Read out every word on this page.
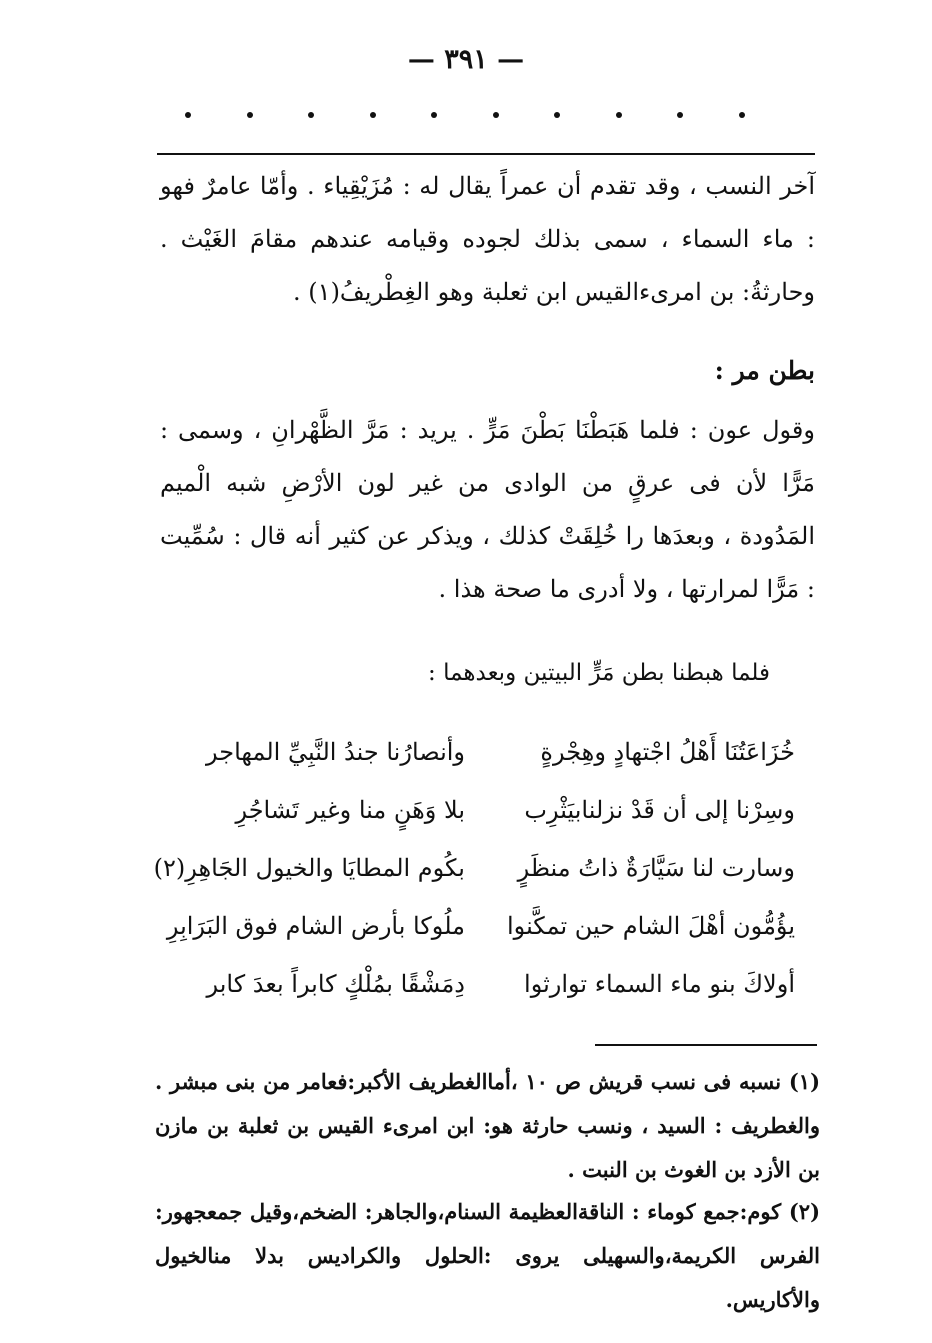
— ٣٩١ —
آخر النسب ، وقد تقدم أن عمراً يقال له : مُزَيْقِياء . وأمّا عامرٌ فهو : ماء السماء ، سمى بذلك لجوده وقيامه عندهم مقامَ الغَيْث . وحارثةُ: بن امرىءالقيس ابن ثعلبة وهو الغِطْريفُ(١) .
بطن مر :
وقول عون : فلما هَبَطْنَا بَطْنَ مَرٍّ . يريد : مَرَّ الظَّهْرانِ ، وسمى : مَرًّا لأن فى عرقٍ من الوادى من غير لون الأرْضِ شبه الْميم المَدُودة ، وبعدَها را خُلِقَتْ كذلك ، ويذكر عن كثير أنه قال : سُمِّيت : مَرًّا لمرارتها ، ولا أدرى ما صحة هذا .
فلما هبطنا بطن مَرٍّ البيتين وبعدهما :
خُزَاعَتُنَا أَهْلُ اجْتهادٍ وهِجْرةٍ
وأنصارُنا جندُ النَّبِيِّ المهاجر
وسِرْنا إلى أن قَدْ نزلنابيَثْرِب
بلا وَهَنٍ منا وغير تَشاجُرِ
وسارت لنا سَيَّارَةٌ ذاتُ منظَرٍ
بكُوم المطايَا والخيول الجَاهِرِ(٢)
يؤُمُّون أهْلَ الشام حين تمكَّنوا
ملُوكا بأرض الشام فوق البَرَابِرِ
أولاكَ بنو ماء السماء توارثوا
دِمَشْقًا بمُلْكٍ كابراً بعدَ كابر
(١) نسبه فى نسب قريش ص ١٠ ،أماالغطريف الأكبر:فعامر من بنى مبشر . والغطريف : السيد ، ونسب حارثة هو: ابن امرىء القيس بن ثعلبة بن مازن بن الأزد بن الغوث بن النبت .
(٢) كوم:جمع كوماء : الناقةالعظيمة السنام،والجاهر: الضخم،وقيل جمعجهور: الفرس الكريمة،والسهيلى يروى :الحلول والكراديس بدلا منالخيول والأكاريس.
